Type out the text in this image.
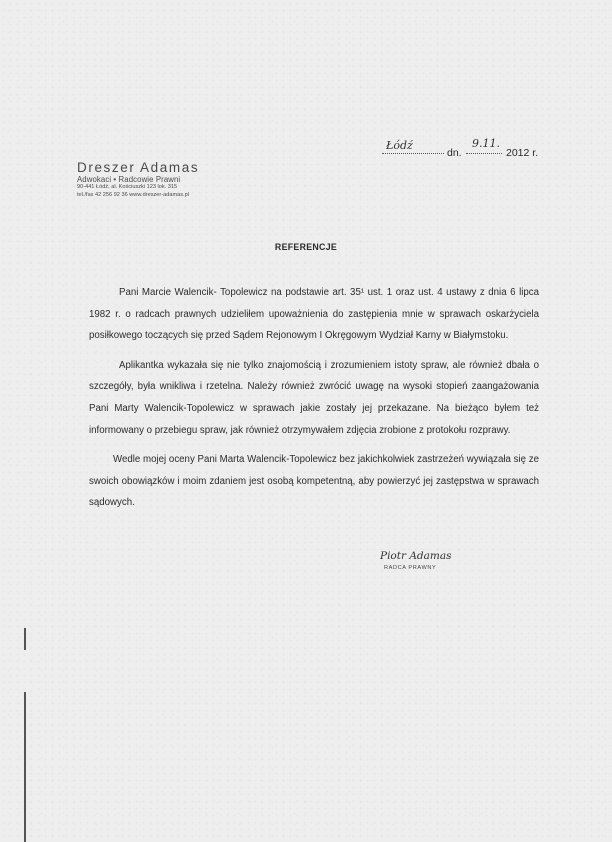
Dreszer Adamas
Adwokaci • Radcowie Prawni
90-441 Łódź, al. Kościuszki 123 lok. 315
tel./fax 42 256 92 36 www.dreszer-adamas.pl
Łódź
dn.
9.11.
2012 r.
REFERENCJE

Pani Marcie Walencik- Topolewicz na podstawie art. 35¹ ust. 1 oraz ust. 4 ustawy z dnia 6 lipca 1982 r. o radcach prawnych udzieliłem upoważnienia do zastępienia mnie w sprawach oskarżyciela posiłkowego toczących się przed Sądem Rejonowym I Okręgowym Wydział Karny w Białymstoku.

Aplikantka wykazała się nie tylko znajomością i zrozumieniem istoty spraw, ale również dbała o szczegóły, była wnikliwa i rzetelna. Należy również zwrócić uwagę na wysoki stopień zaangażowania Pani Marty Walencik-Topolewicz w sprawach jakie zostały jej przekazane. Na bieżąco byłem też informowany o przebiegu spraw, jak również otrzymywałem zdjęcia zrobione z protokołu rozprawy.

Wedle mojej oceny Pani Marta Walencik-Topolewicz bez jakichkolwiek zastrzeżeń wywiązała się ze swoich obowiązków i moim zdaniem jest osobą kompetentną, aby powierzyć jej zastępstwa w sprawach sądowych.

Piotr Adamas
RADCA PRAWNY
